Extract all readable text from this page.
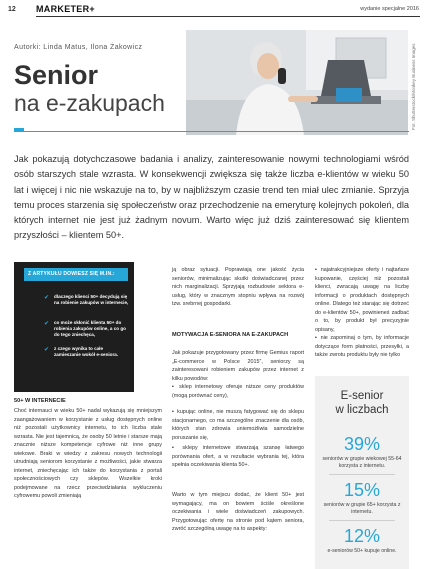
12 MARKETER+	wydanie specjalne 2016
Autorki: Linda Matus, Ilona Żakowicz
Senior
na e-zakupach	Fot. Shutterstock/Monkey Business Images
Jak pokazują dotychczasowe badania i analizy, zainteresowanie nowymi technologiami wśród osób starszych stale wzrasta. W konsekwencji zwiększa się także liczba e-klientów w wieku 50 lat i więcej i nic nie wskazuje na to, by w najbliższym czasie trend ten miał ulec zmianie. Sprzyja temu proces starzenia się społeczeństw oraz przechodzenie na emeryturę kolejnych pokoleń, dla których internet nie jest już żadnym novum. Warto więc już dziś zainteresować się klientem przyszłości – klientem 50+.
Z ARTYKUŁU DOWIESZ SIĘ M.IN.:
✔ dlaczego klienci 50+ decydują się na robienie zakupów w internecie,
✔ co może skłonić klienta 50+ do robienia zakupów online, a co go do tego zniechęca,
✔ z czego wynika to całe zamieszanie wokół e-seniora.
50+ W INTERNECIE
Choć internauci w wieku 50+ nadal wykazują się mniejszym zaangażowaniem w korzystanie z usług dostępnych online niż pozostali użytkownicy internetu, to ich liczba stale wzrasta. Nie jest tajemnicą, że osoby 50 letnie i starsze mają znacznie niższe kompetencje cyfrowe niż inne grupy wiekowe. Braki w wiedzy z zakresu nowych technologii utrudniają seniorom korzystanie z możliwości, jakie stwarza internet, zniechęcając ich także do korzystania z portali społecznościowych czy sklepów. Wszelkie kroki podejmowane na rzecz przeciwdziałania wykluczeniu cyfrowemu powoli zmieniają
ją obraz sytuacji. Poprawiają one jakość życia seniorów, minimalizując skutki doświadczanej przez nich marginalizacji. Sprzyjają rozbudowie sektora e-usług, który w znacznym stopniu wpływa na rozwój tzw. srebrnej gospodarki.
MOTYWACJA E-SENIORA NA E-ZAKUPACH
Jak pokazuje przygotowany przez firmę Gemius raport „E-commerce w Polsce 2015”, seniorzy są zainteresowani robieniem zakupów przez internet z kilku powodów:
▪ sklep internetowy oferuje niższe ceny produktów (mogą porównać ceny),
▪ kupując online, nie muszą fatygować się do sklepu stacjonarnego, co ma szczególne znaczenie dla osób, których stan zdrowia uniemożliwia samodzielne poruszanie się,
▪ sklepy internetowe stwarzają szansę łatwego porównania ofert, a w rezultacie wybrania tej, która spełnia oczekiwania klienta 50+.
Warto w tym miejscu dodać, że klient 50+ jest wymagający, ma on bowiem ściśle określone oczekiwania i wiele doświadczeń zakupowych. Przygotowując ofertę na stronie pod kątem seniora, zwróć szczególną uwagę na to aspekty:
▪ najatrakcyjniejsze oferty i najtańsze kupowanie, częściej niż pozostali klienci, zwracają uwagę na liczbę informacji o produktach dostępnych online. Dlatego też starając się dotrzeć do e-klientów 50+, powinieneś zadbać o to, by produkt był precyzyjnie opisany,
▪ nie zapominaj o tym, by informacje dotyczące form płatności, przesyłki, a także zwrotu produktu były nie tylko
E-senior
w liczbach
39%
seniorów w grupie wiekowej 55-64 korzysta z internetu.
15%
seniorów w grupie 65+ korzysta z internetu.
12%
e-seniorów 50+ kupuje online.
